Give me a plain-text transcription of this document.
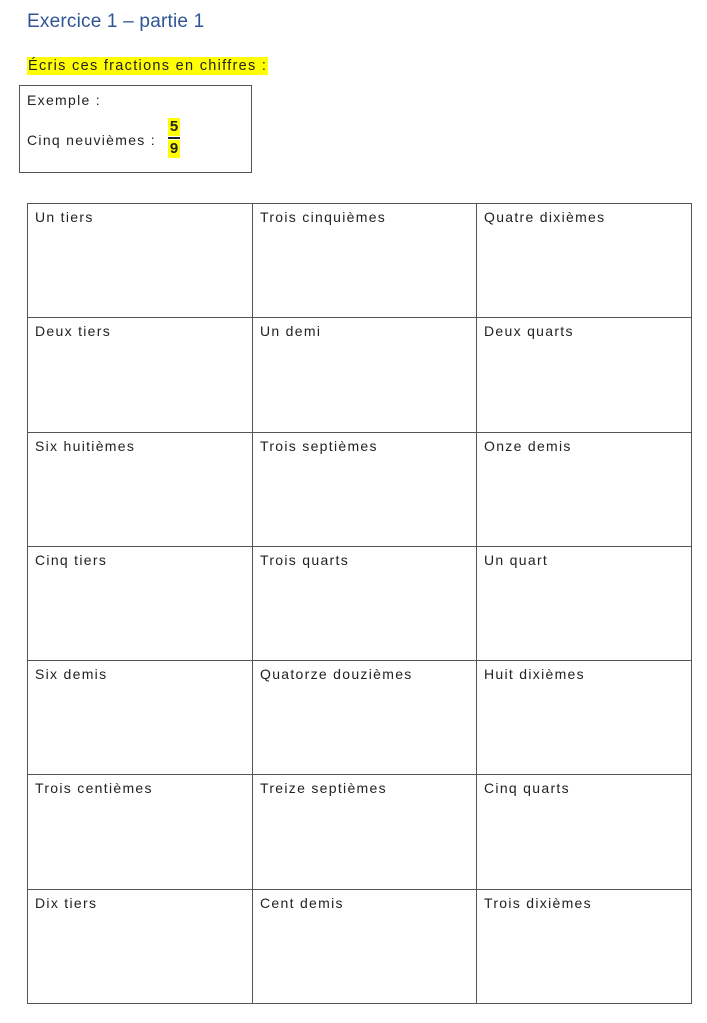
Exercice 1 – partie 1
Écris ces fractions en chiffres :
Exemple :
Cinq neuvièmes :
5
9
Un tiers	Trois cinquièmes	Quatre dixièmes
Deux tiers	Un demi	Deux quarts
Six huitièmes	Trois septièmes	Onze demis
Cinq tiers	Trois quarts	Un quart
Six demis	Quatorze douzièmes	Huit dixièmes
Trois centièmes	Treize septièmes	Cinq quarts
Dix tiers	Cent demis	Trois dixièmes
